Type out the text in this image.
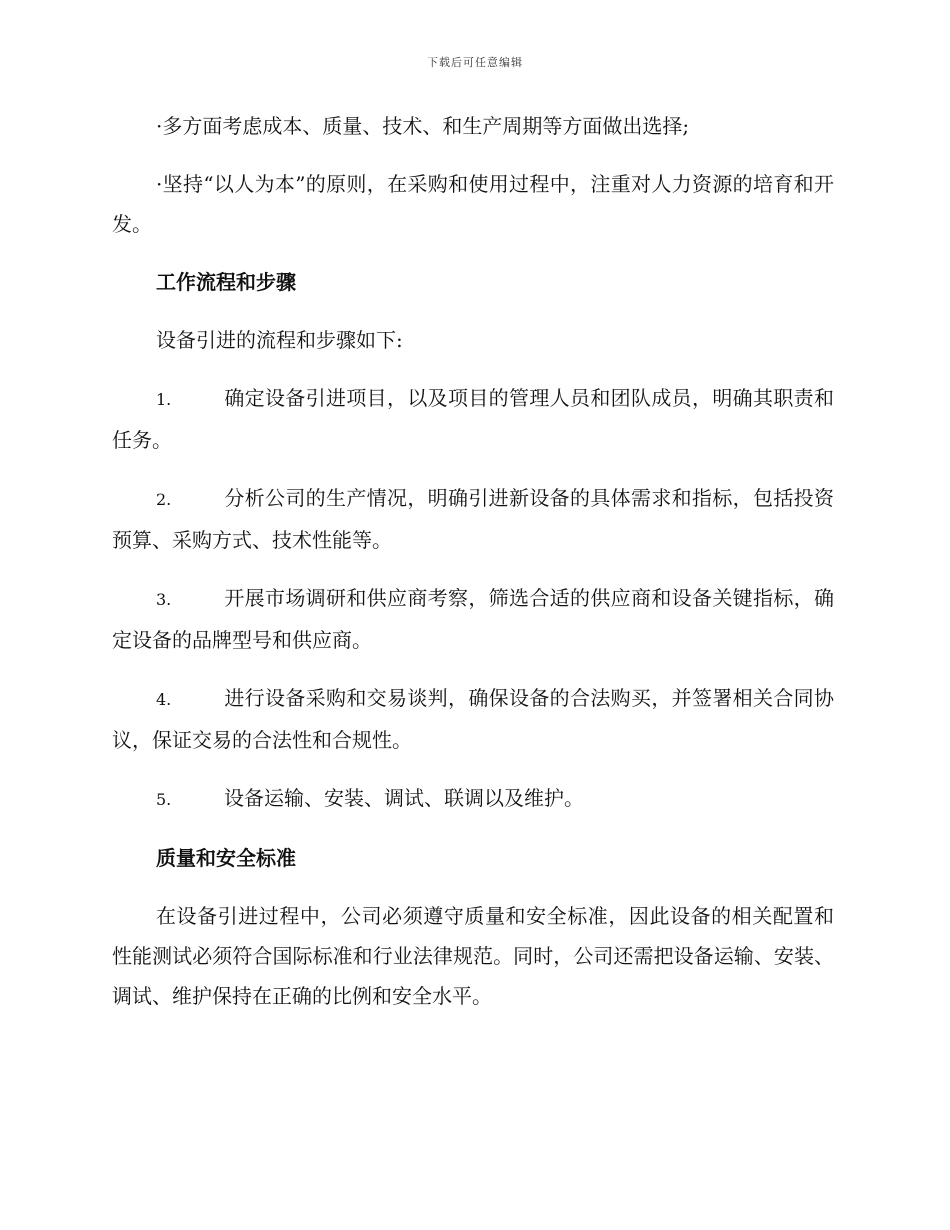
下载后可任意编辑

·多方面考虑成本、质量、技术、和生产周期等方面做出选择;

·坚持“以人为本”的原则，在采购和使用过程中，注重对人力资源的培育和开发。

工作流程和步骤

设备引进的流程和步骤如下:

1.	确定设备引进项目，以及项目的管理人员和团队成员，明确其职责和任务。

2.	分析公司的生产情况，明确引进新设备的具体需求和指标，包括投资预算、采购方式、技术性能等。

3.	开展市场调研和供应商考察，筛选合适的供应商和设备关键指标，确定设备的品牌型号和供应商。

4.	进行设备采购和交易谈判，确保设备的合法购买，并签署相关合同协议，保证交易的合法性和合规性。

5.	设备运输、安装、调试、联调以及维护。

质量和安全标准

在设备引进过程中，公司必须遵守质量和安全标准，因此设备的相关配置和性能测试必须符合国际标准和行业法律规范。同时，公司还需把设备运输、安装、调试、维护保持在正确的比例和安全水平。
